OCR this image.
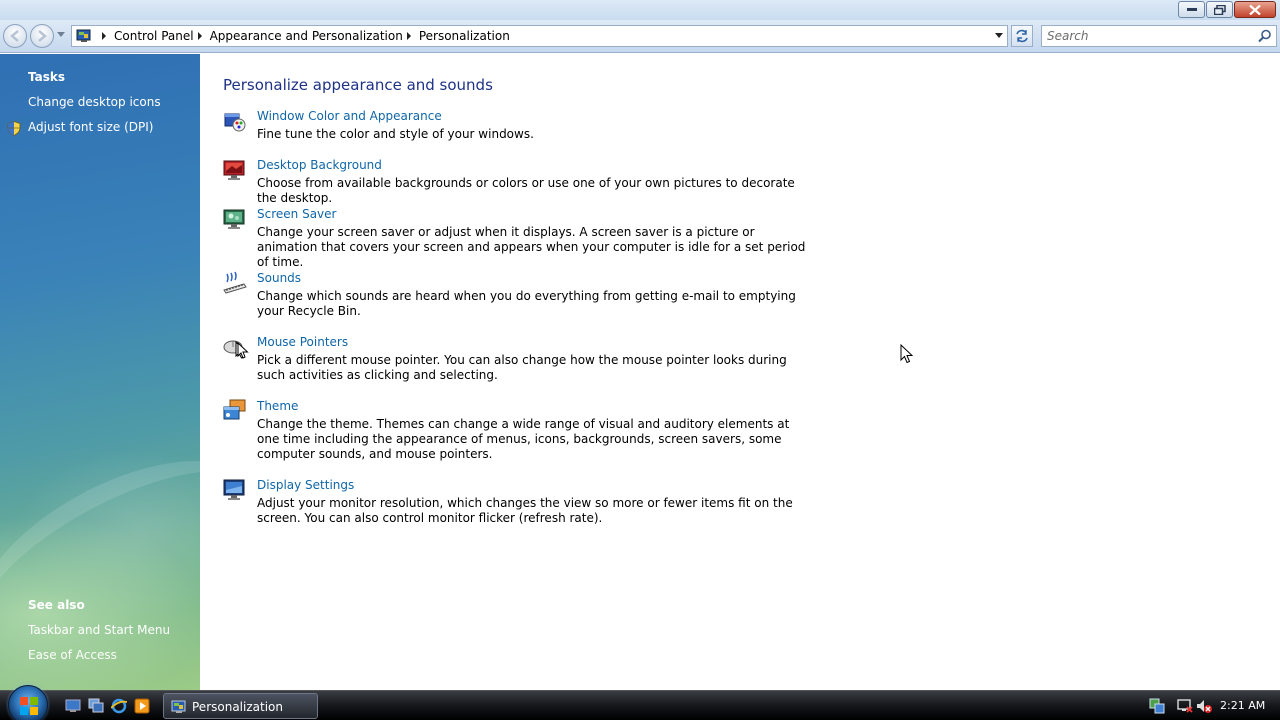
Control Panel Appearance and Personalization Personalization
Search
Tasks
Change desktop icons
Adjust font size (DPI)
See also
Taskbar and Start Menu
Ease of Access
Personalize appearance and sounds
Window Color and Appearance
Fine tune the color and style of your windows.
Desktop Background
Choose from available backgrounds or colors or use one of your own pictures to decorate the desktop.
Screen Saver
Change your screen saver or adjust when it displays. A screen saver is a picture or animation that covers your screen and appears when your computer is idle for a set period of time.
Sounds
Change which sounds are heard when you do everything from getting e-mail to emptying your Recycle Bin.
Mouse Pointers
Pick a different mouse pointer. You can also change how the mouse pointer looks during such activities as clicking and selecting.
Theme
Change the theme. Themes can change a wide range of visual and auditory elements at one time including the appearance of menus, icons, backgrounds, screen savers, some computer sounds, and mouse pointers.
Display Settings
Adjust your monitor resolution, which changes the view so more or fewer items fit on the screen. You can also control monitor flicker (refresh rate).
Personalization	2:21 AM
